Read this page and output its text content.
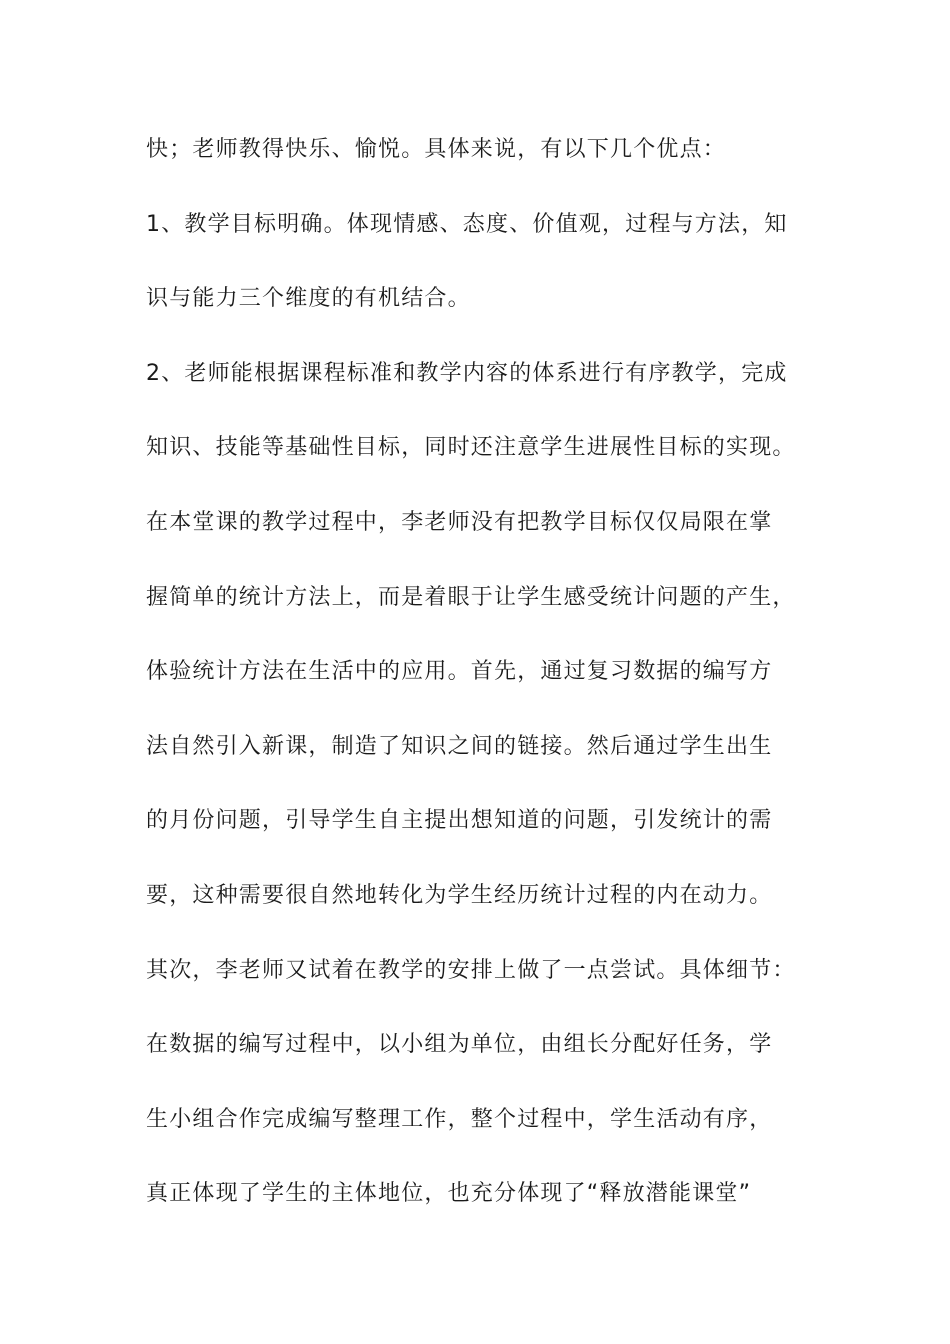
快；老师教得快乐、愉悦。具体来说，有以下几个优点：
1、教学目标明确。体现情感、态度、价值观，过程与方法，知
识与能力三个维度的有机结合。
2、老师能根据课程标准和教学内容的体系进行有序教学，完成
知识、技能等基础性目标，同时还注意学生进展性目标的实现。
在本堂课的教学过程中，李老师没有把教学目标仅仅局限在掌
握简单的统计方法上，而是着眼于让学生感受统计问题的产生，
体验统计方法在生活中的应用。首先，通过复习数据的编写方
法自然引入新课，制造了知识之间的链接。然后通过学生出生
的月份问题，引导学生自主提出想知道的问题，引发统计的需
要，这种需要很自然地转化为学生经历统计过程的内在动力。
其次，李老师又试着在教学的安排上做了一点尝试。具体细节：
在数据的编写过程中，以小组为单位，由组长分配好任务，学
生小组合作完成编写整理工作，整个过程中，学生活动有序，
真正体现了学生的主体地位，也充分体现了“释放潜能课堂”
